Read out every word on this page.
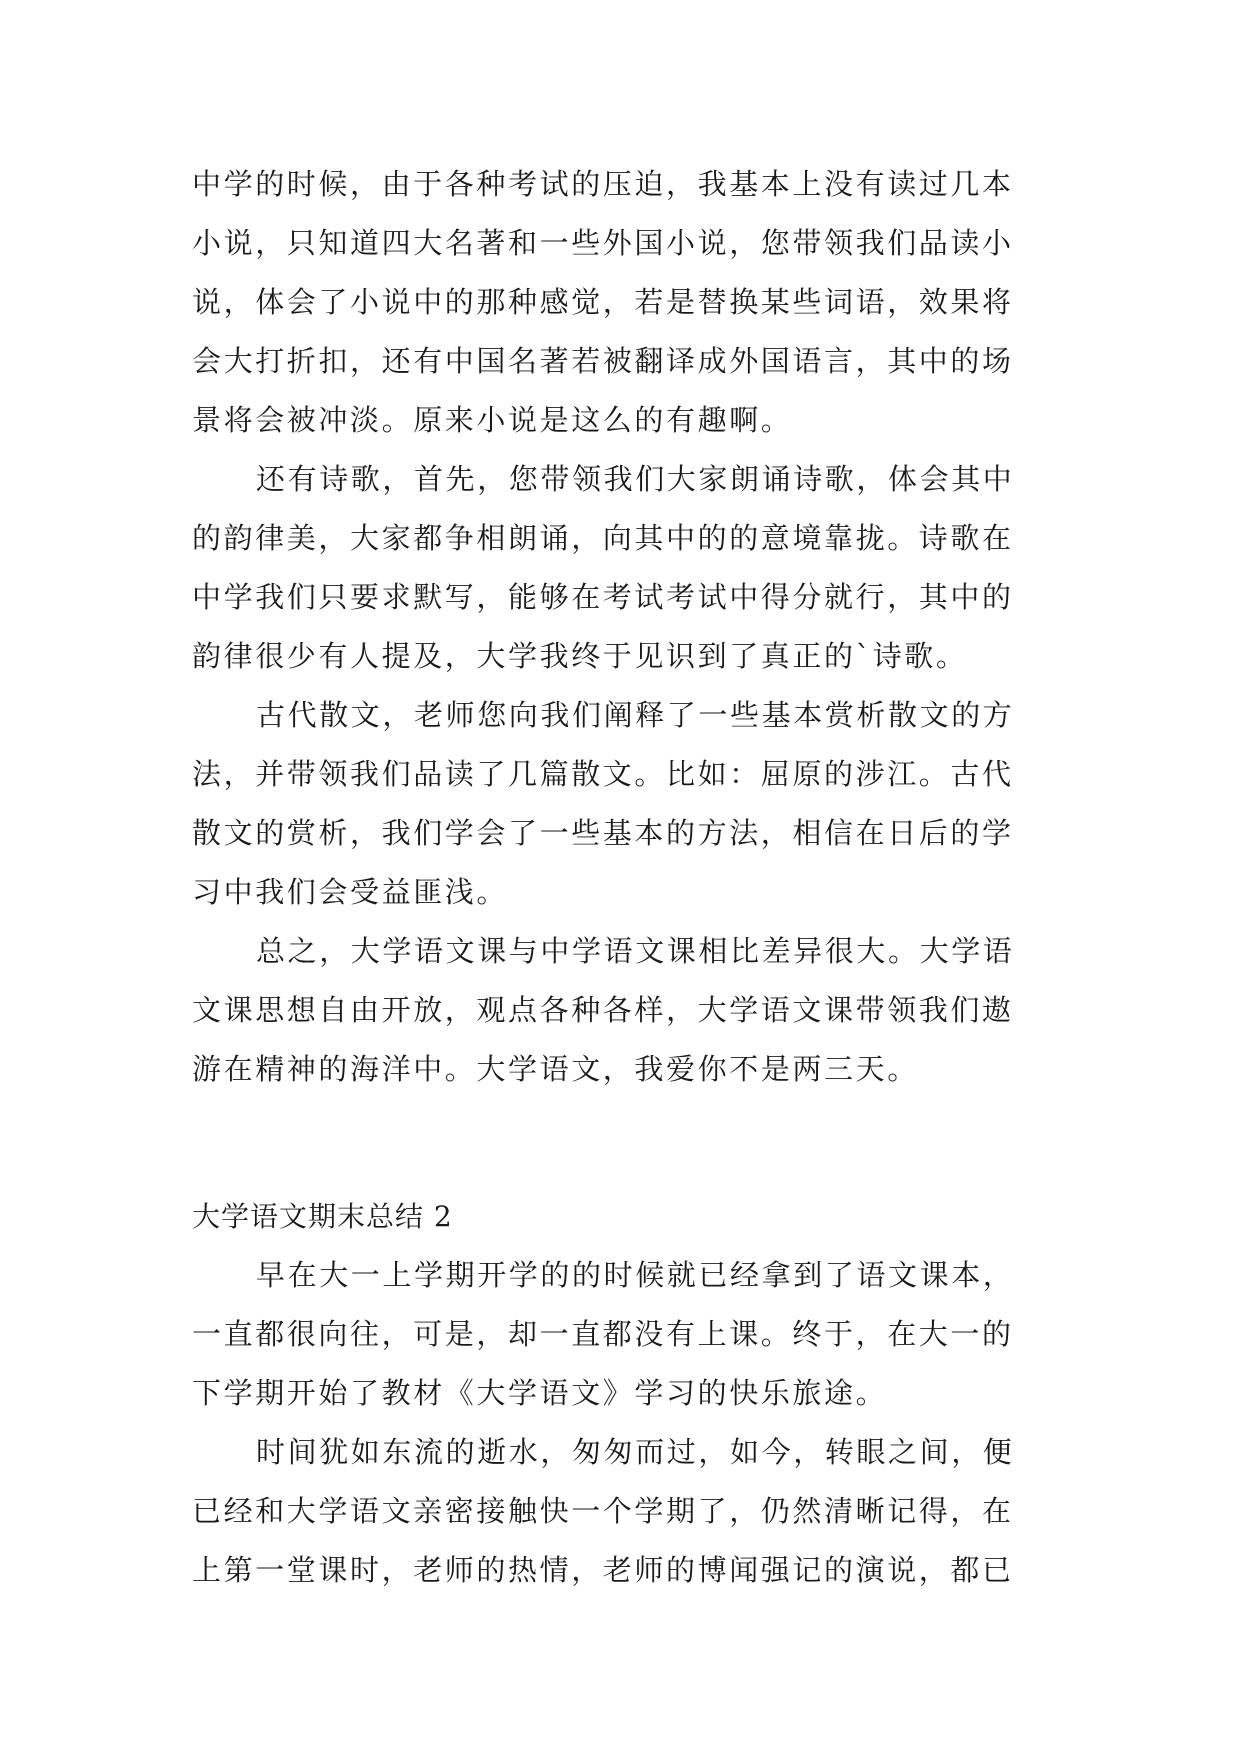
中学的时候，由于各种考试的压迫，我基本上没有读过几本
小说，只知道四大名著和一些外国小说，您带领我们品读小
说，体会了小说中的那种感觉，若是替换某些词语，效果将
会大打折扣，还有中国名著若被翻译成外国语言，其中的场
景将会被冲淡。原来小说是这么的有趣啊。
还有诗歌，首先，您带领我们大家朗诵诗歌，体会其中
的韵律美，大家都争相朗诵，向其中的的意境靠拢。诗歌在
中学我们只要求默写，能够在考试考试中得分就行，其中的
韵律很少有人提及，大学我终于见识到了真正的`诗歌。
古代散文，老师您向我们阐释了一些基本赏析散文的方
法，并带领我们品读了几篇散文。比如：屈原的涉江。古代
散文的赏析，我们学会了一些基本的方法，相信在日后的学
习中我们会受益匪浅。
总之，大学语文课与中学语文课相比差异很大。大学语
文课思想自由开放，观点各种各样，大学语文课带领我们遨
游在精神的海洋中。大学语文，我爱你不是两三天。
大学语文期末总结 2
早在大一上学期开学的的时候就已经拿到了语文课本，
一直都很向往，可是，却一直都没有上课。终于，在大一的
下学期开始了教材《大学语文》学习的快乐旅途。
时间犹如东流的逝水，匆匆而过，如今，转眼之间，便
已经和大学语文亲密接触快一个学期了，仍然清晰记得，在
上第一堂课时，老师的热情，老师的博闻强记的演说，都已
